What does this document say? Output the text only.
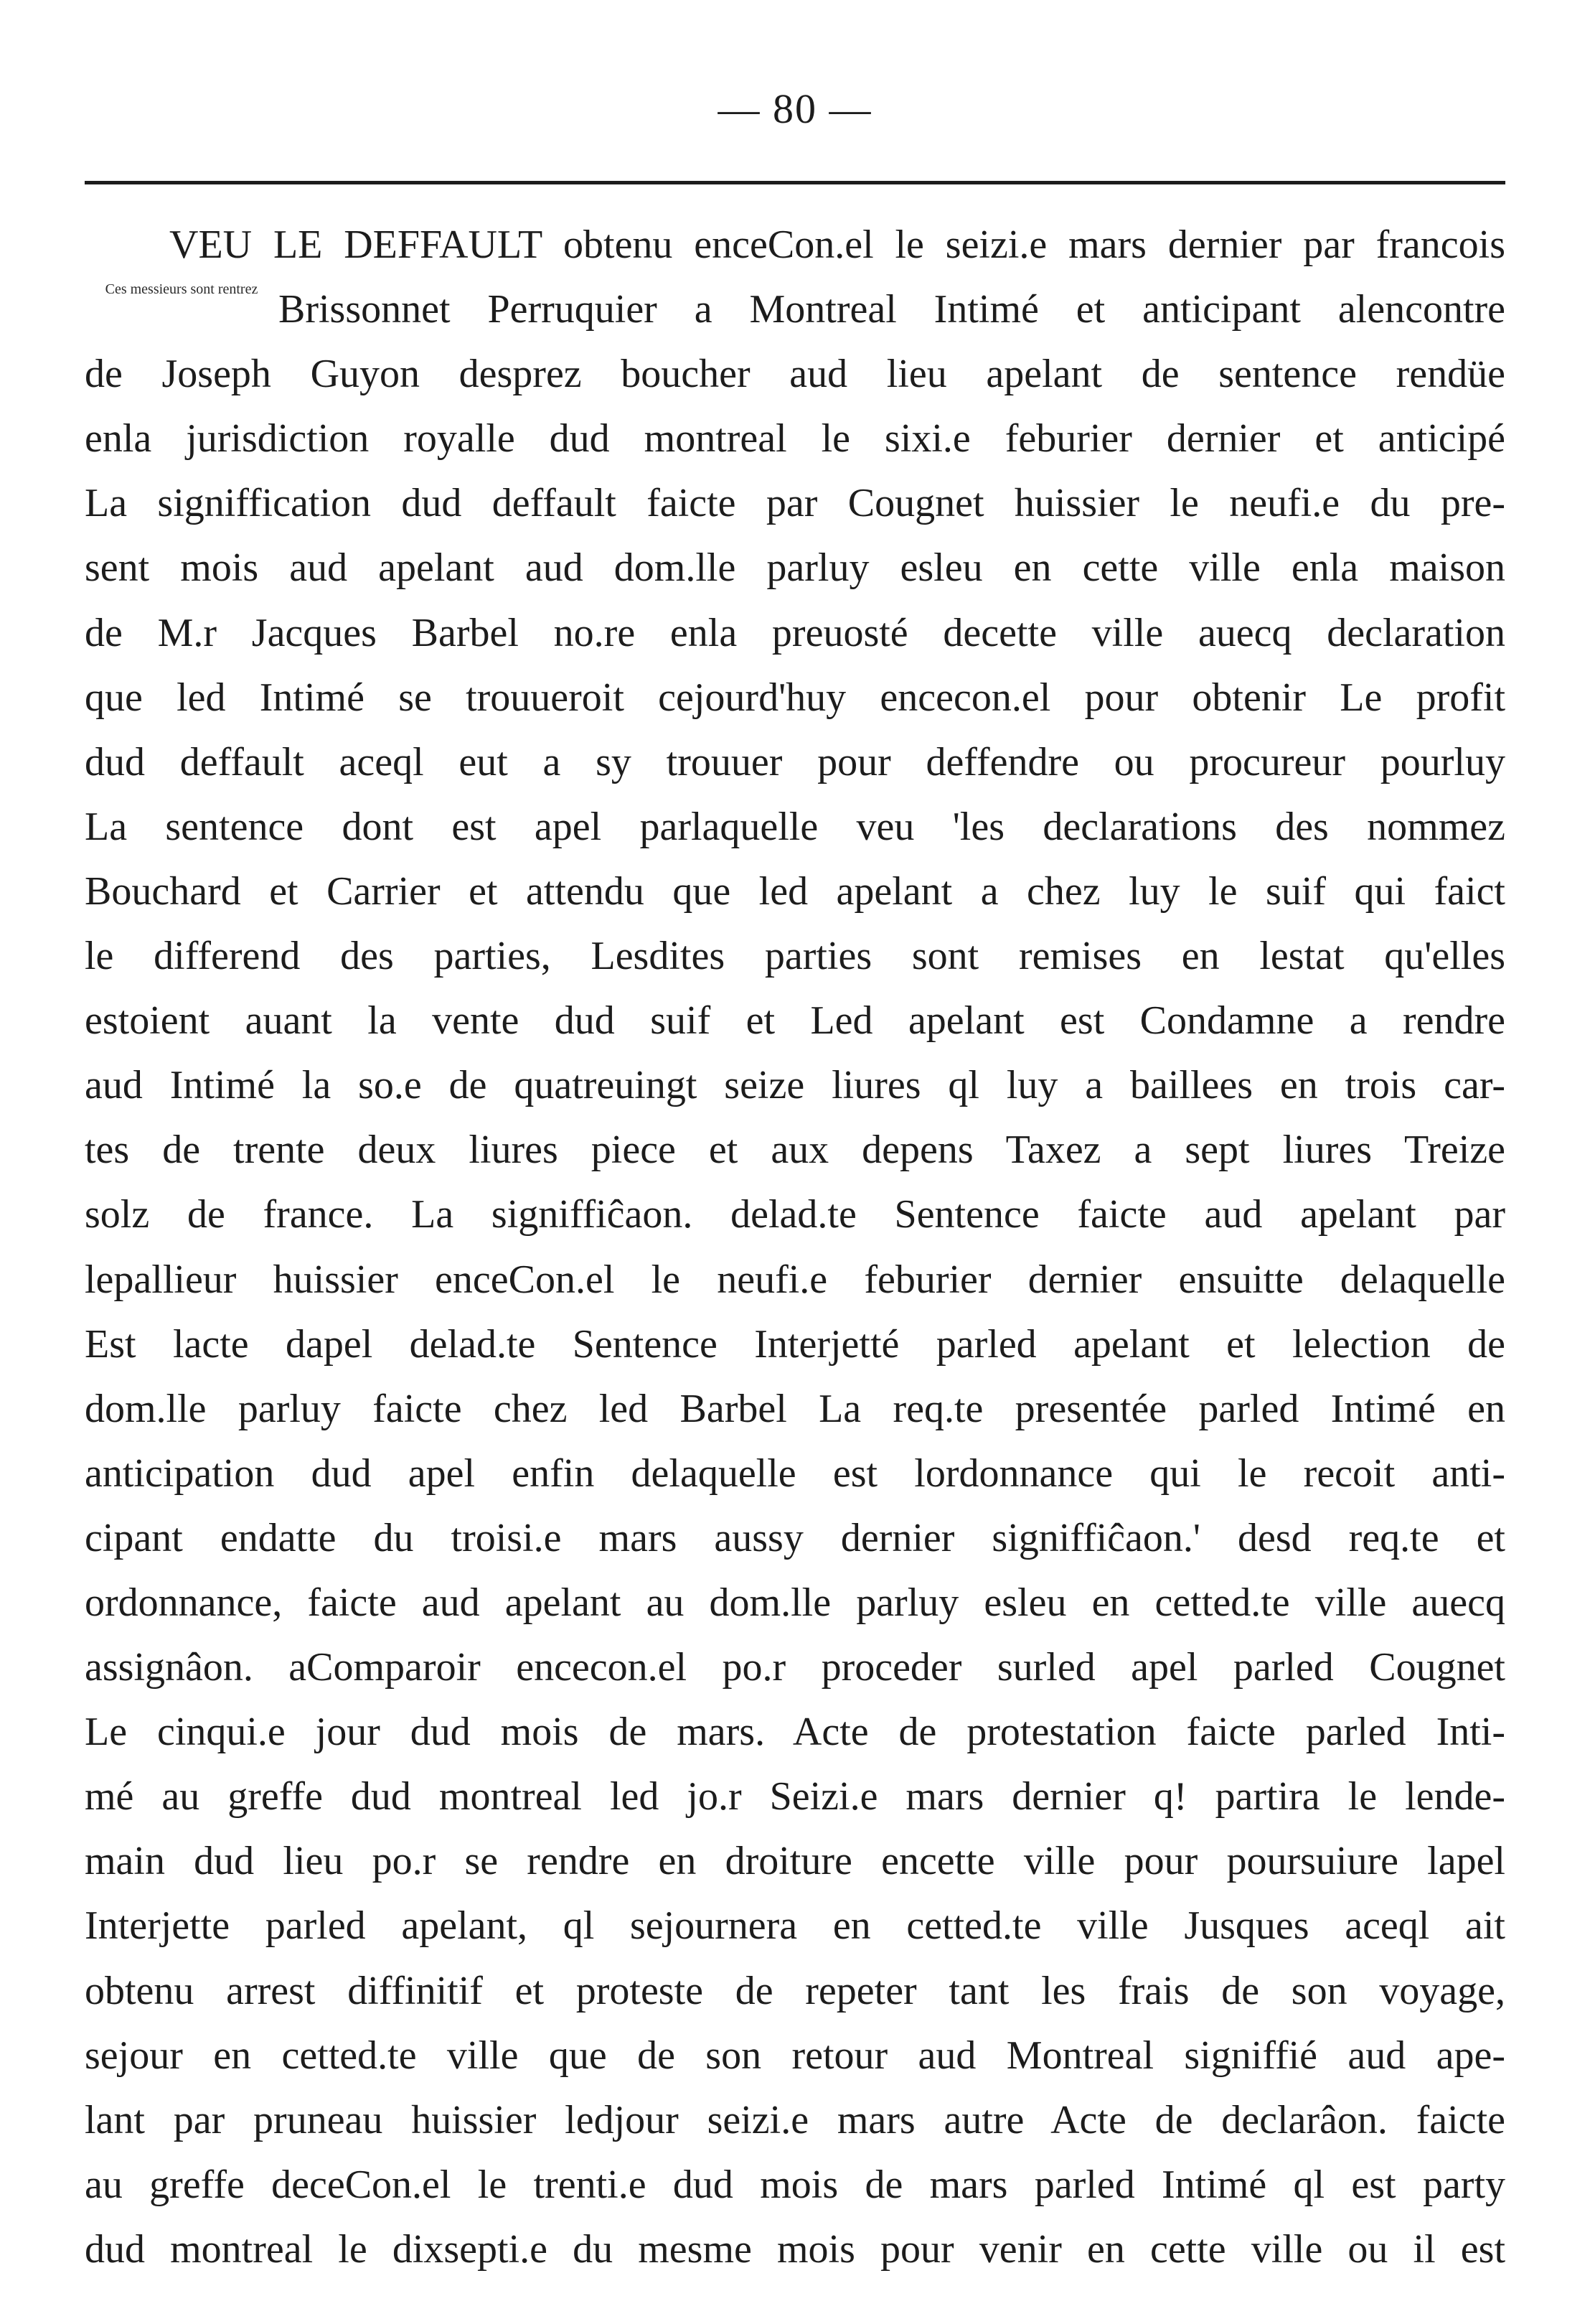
— 80 —
Ces messieurs sont rentrez
VEU LE DEFFAULT obtenu enceCon.el le seizi.e mars dernier par francois
Brissonnet Perruquier a Montreal Intimé et anticipant alencontre
de Joseph Guyon desprez boucher aud lieu apelant de sentence rendüe
enla jurisdiction royalle dud montreal le sixi.e feburier dernier et anticipé
La signiffication dud deffault faicte par Cougnet huissier le neufi.e du pre-
sent mois aud apelant aud dom.lle parluy esleu en cette ville enla maison
de M.r Jacques Barbel no.re enla preuosté decette ville auecq declaration
que led Intimé se trouueroit cejourd'huy encecon.el pour obtenir Le profit
dud deffault aceql eut a sy trouuer pour deffendre ou procureur pourluy
La sentence dont est apel parlaquelle veu 'les declarations des nommez
Bouchard et Carrier et attendu que led apelant a chez luy le suif qui faict
le differend des parties, Lesdites parties sont remises en lestat qu'elles
estoient auant la vente dud suif et Led apelant est Condamne a rendre
aud Intimé la so.e de quatreuingt seize liures ql luy a baillees en trois car-
tes de trente deux liures piece et aux depens Taxez a sept liures Treize
solz de france. La signiffiĉaon. delad.te Sentence faicte aud apelant par
lepallieur huissier enceCon.el le neufi.e feburier dernier ensuitte delaquelle
Est lacte dapel delad.te Sentence Interjetté parled apelant et lelection de
dom.lle parluy faicte chez led Barbel La req.te presentée parled Intimé en
anticipation dud apel enfin delaquelle est lordonnance qui le recoit anti-
cipant endatte du troisi.e mars aussy dernier signiffiĉaon.' desd req.te et
ordonnance, faicte aud apelant au dom.lle parluy esleu en cetted.te ville auecq
assignâon. aComparoir encecon.el po.r proceder surled apel parled Cougnet
Le cinqui.e jour dud mois de mars. Acte de protestation faicte parled Inti-
mé au greffe dud montreal led jo.r Seizi.e mars dernier q! partira le lende-
main dud lieu po.r se rendre en droiture encette ville pour poursuiure lapel
Interjette parled apelant, ql sejournera en cetted.te ville Jusques aceql ait
obtenu arrest diffinitif et proteste de repeter tant les frais de son voyage,
sejour en cetted.te ville que de son retour aud Montreal signiffié aud ape-
lant par pruneau huissier ledjour seizi.e mars autre Acte de declarâon. faicte
au greffe deceCon.el le trenti.e dud mois de mars parled Intimé ql est party
dud montreal le dixsepti.e du mesme mois pour venir en cette ville ou il est
